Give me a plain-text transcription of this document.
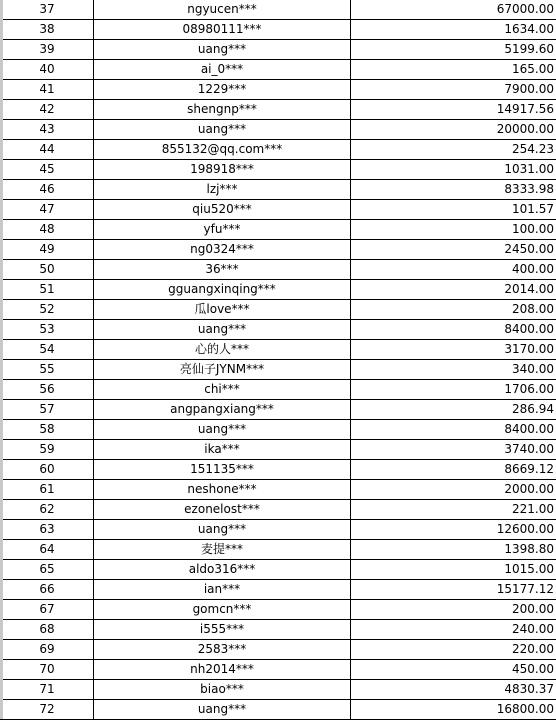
37	ngyucen***	67000.00
38	08980111***	1634.00
39	uang***	5199.60
40	ai_0***	165.00
41	1229***	7900.00
42	shengnp***	14917.56
43	uang***	20000.00
44	855132@qq.com***	254.23
45	198918***	1031.00
46	lzj***	8333.98
47	qiu520***	101.57
48	yfu***	100.00
49	ng0324***	2450.00
50	36***	400.00
51	gguangxinqing***	2014.00
52	瓜love***	208.00
53	uang***	8400.00
54	心的人***	3170.00
55	亮仙子JYNM***	340.00
56	chi***	1706.00
57	angpangxiang***	286.94
58	uang***	8400.00
59	ika***	3740.00
60	151135***	8669.12
61	neshone***	2000.00
62	ezonelost***	221.00
63	uang***	12600.00
64	麦提***	1398.80
65	aldo316***	1015.00
66	ian***	15177.12
67	gomcn***	200.00
68	i555***	240.00
69	2583***	220.00
70	nh2014***	450.00
71	biao***	4830.37
72	uang***	16800.00
